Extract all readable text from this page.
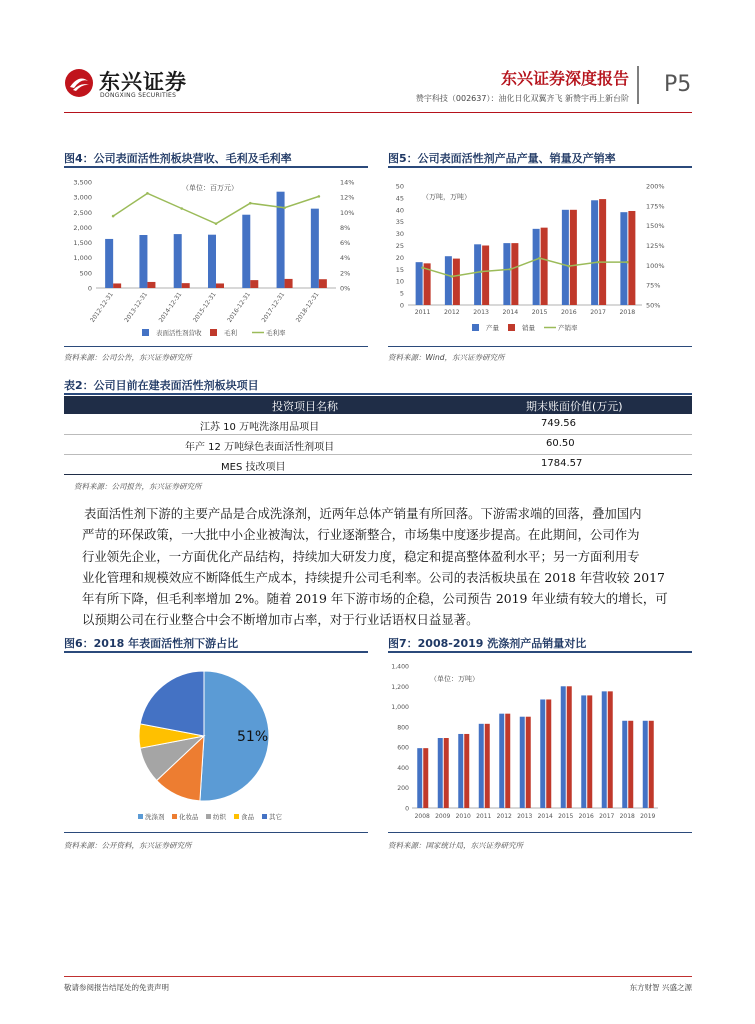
东兴证券
DONGXING SECURITIES
东兴证券深度报告
赞宇科技（002637）：油化日化双翼齐飞 新赞宇再上新台阶
P5
图4：公司表面活性剂板块营收、毛利及毛利率
0
500
1,000
1,500
2,000
2,500
3,000
3,500
0%
2%
4%
6%
8%
10%
12%
14%
（单位：百万元）
2012-12-31 2013-12-31 2014-12-31 2015-12-31 2016-12-31 2017-12-31 2018-12-31
表面活性剂营收	毛利	毛利率
资料来源：公司公告，东兴证券研究所
图5：公司表面活性剂产品产量、销量及产销率
0
5
10
15
20
25
30
35
40
45
50
50%
75%
100%
125%
150%
175%
200%
（万吨，万吨）
2011 2012 2013 2014 2015 2016 2017 2018
产量	销量	产销率
资料来源：Wind，东兴证券研究所
表2：公司目前在建表面活性剂板块项目
投资项目名称	期末账面价值(万元)
江苏 10 万吨洗涤用品项目	749.56
年产 12 万吨绿色表面活性剂项目	60.50
MES 技改项目	1784.57
资料来源：公司报告，东兴证券研究所
表面活性剂下游的主要产品是合成洗涤剂，近两年总体产销量有所回落。下游需求端的回落，叠加国内
严苛的环保政策，一大批中小企业被淘汰，行业逐渐整合，市场集中度逐步提高。在此期间，公司作为
行业领先企业，一方面优化产品结构，持续加大研发力度，稳定和提高整体盈利水平；另一方面利用专
业化管理和规模效应不断降低生产成本，持续提升公司毛利率。公司的表活板块虽在 2018 年营收较 2017
年有所下降，但毛利率增加 2%。随着 2019 年下游市场的企稳，公司预告 2019 年业绩有较大的增长，可
以预期公司在行业整合中会不断增加市占率，对于行业话语权日益显著。
图6：2018 年表面活性剂下游占比
51%
洗涤剂 化妆品 纺织 食品 其它
资料来源：公开资料，东兴证券研究所
图7：2008-2019 洗涤剂产品销量对比
0
200
400
600
800
1,000
1,200
1,400
（单位：万吨）
2008 2009 2010 2011 2012 2013 2014 2015 2016 2017 2018 2019
资料来源：国家统计局，东兴证券研究所
敬请参阅报告结尾处的免责声明	东方财智 兴盛之源
